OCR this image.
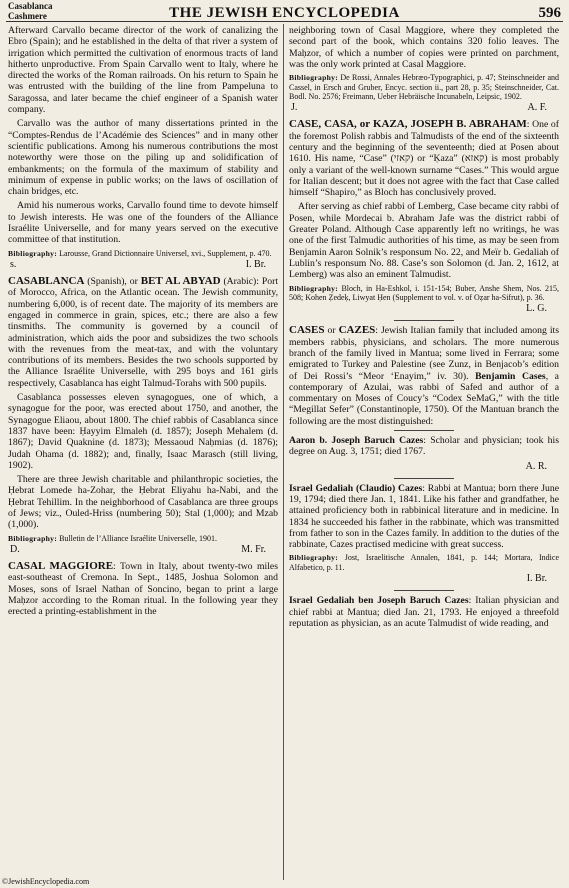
Casablanca
Cashmere	THE JEWISH ENCYCLOPEDIA	596

Afterward Carvallo became director of the work of canalizing the Ebro (Spain); and he established in the delta of that river a system of irrigation which permitted the cultivation of enormous tracts of land hitherto unproductive. From Spain Carvallo went to Italy, where he directed the works of the Roman railroads. On his return to Spain he was entrusted with the building of the line from Pampeluna to Saragossa, and later became the chief engineer of a Spanish water company.

Carvallo was the author of many dissertations printed in the “Comptes-Rendus de l’Académie des Sciences” and in many other scientific publications. Among his numerous contributions the most noteworthy were those on the piling up and solidification of embankments; on the formula of the maximum of stability and minimum of expense in public works; on the laws of oscillation of chain bridges, etc.

Amid his numerous works, Carvallo found time to devote himself to Jewish interests. He was one of the founders of the Alliance Israélite Universelle, and for many years served on the executive committee of that institution.

Bibliography: Larousse, Grand Dictionnaire Universel, xvi., Supplement, p. 470.

s.	I. Br.

CASABLANCA (Spanish), or BET AL ABYAD (Arabic): Port of Morocco, Africa, on the Atlantic ocean. The Jewish community, numbering 6,000, is of recent date. The majority of its members are engaged in commerce in grain, spices, etc.; there are also a few tinsmiths. The community is governed by a council of administration, which aids the poor and subsidizes the two schools with the revenues from the meat-tax, and with the voluntary contributions of its members. Besides the two schools supported by the Alliance Israélite Universelle, with 295 boys and 161 girls respectively, Casablanca has eight Talmud-Torahs with 500 pupils.

Casablanca possesses eleven synagogues, one of which, a synagogue for the poor, was erected about 1750, and another, the Synagogue Eliaou, about 1800. The chief rabbis of Casablanca since 1837 have been: Ḥayyim Elmaleh (d. 1857); Joseph Mehalem (d. 1867); David Quaknine (d. 1873); Messaoud Naḥmias (d. 1876); Judah Ohama (d. 1882); and, finally, Isaac Marasch (still living, 1902).

There are three Jewish charitable and philanthropic societies, the Ḥebrat Lomede ha-Zohar, the Ḥebrat Eliyahu ha-Nabi, and the Ḥebrat Tehillim. In the neighborhood of Casablanca are three groups of Jews; viz., Ouled-Hriss (numbering 50); Stal (1,000); and Mzab (1,000).

Bibliography: Bulletin de l’Alliance Israélite Universelle, 1901.

D.	M. Fr.

CASAL MAGGIORE: Town in Italy, about twenty-two miles east-southeast of Cremona. In Sept., 1485, Joshua Solomon and Moses, sons of Israel Nathan of Soncino, began to print a large Maḥzor according to the Roman ritual. In the following year they erected a printing-establishment in the

neighboring town of Casal Maggiore, where they completed the second part of the book, which contains 320 folio leaves. The Maḥzor, of which a number of copies were printed on parchment, was the only work printed at Casal Maggiore.

Bibliography: De Rossi, Annales Hebræo-Typographici, p. 47; Steinschneider and Cassel, in Ersch and Gruber, Encyc. section ii., part 28, p. 35; Steinschneider, Cat. Bodl. No. 2576; Freimann, Ueber Hebräische Incunabeln, Leipsic, 1902.

J.	A. F.

CASE, CASA, or KAZA, JOSEPH B. ABRAHAM: One of the foremost Polish rabbis and Talmudists of the end of the sixteenth century and the beginning of the seventeenth; died at Posen about 1610. His name, “Case” (קאזי) or “Ḳaza” (קאזא) is most probably only a variant of the well-known surname “Cases.” This would argue for Italian descent; but it does not agree with the fact that Case called himself “Shapiro,” as Bloch has conclusively proved.

After serving as chief rabbi of Lemberg, Case became city rabbi of Posen, while Mordecai b. Abraham Jafe was the district rabbi of Greater Poland. Although Case apparently left no writings, he was one of the first Talmudic authorities of his time, as may be seen from Benjamin Aaron Solnik’s responsum No. 22, and Meïr b. Gedaliah of Lublin’s responsum No. 88. Case’s son Solomon (d. Jan. 2, 1612, at Lemberg) was also an eminent Talmudist.

Bibliography: Bloch, in Ha-Eshkol, i. 151-154; Buber, Anshe Shem, Nos. 215, 508; Kohen Ẓedeḳ, Liwyat Ḥen (Supplement to vol. v. of Oẓar ha-Sifrut), p. 36.

L. G.

CASES or CAZES: Jewish Italian family that included among its members rabbis, physicians, and scholars. The more numerous branch of the family lived in Mantua; some lived in Ferrara; some emigrated to Turkey and Palestine (see Zunz, in Benjacob’s edition of Dei Rossi’s “Meor ‘Enayim,” iv. 30). Benjamin Cases, a contemporary of Azulai, was rabbi of Safed and author of a commentary on Moses of Coucy’s “Codex SeMaG,” with the title “Megillat Sefer” (Constantinople, 1750). Of the Mantuan branch the following are the most distinguished:

Aaron b. Joseph Baruch Cazes: Scholar and physician; took his degree on Aug. 3, 1751; died 1767.

A. R.

Israel Gedaliah (Claudio) Cazes: Rabbi at Mantua; born there June 19, 1794; died there Jan. 1, 1841. Like his father and grandfather, he attained proficiency both in rabbinical literature and in medicine. In 1834 he succeeded his father in the rabbinate, which was transmitted from father to son in the Cazes family. In addition to the duties of the rabbinate, Cazes practised medicine with great success.

Bibliography: Jost, Israelitische Annalen, 1841, p. 144; Mortara, Indice Alfabetico, p. 11.

I. Br.

Israel Gedaliah ben Joseph Baruch Cazes: Italian physician and chief rabbi at Mantua; died Jan. 21, 1793. He enjoyed a threefold reputation as physician, as an acute Talmudist of wide reading, and

©JewishEncyclopedia.com
